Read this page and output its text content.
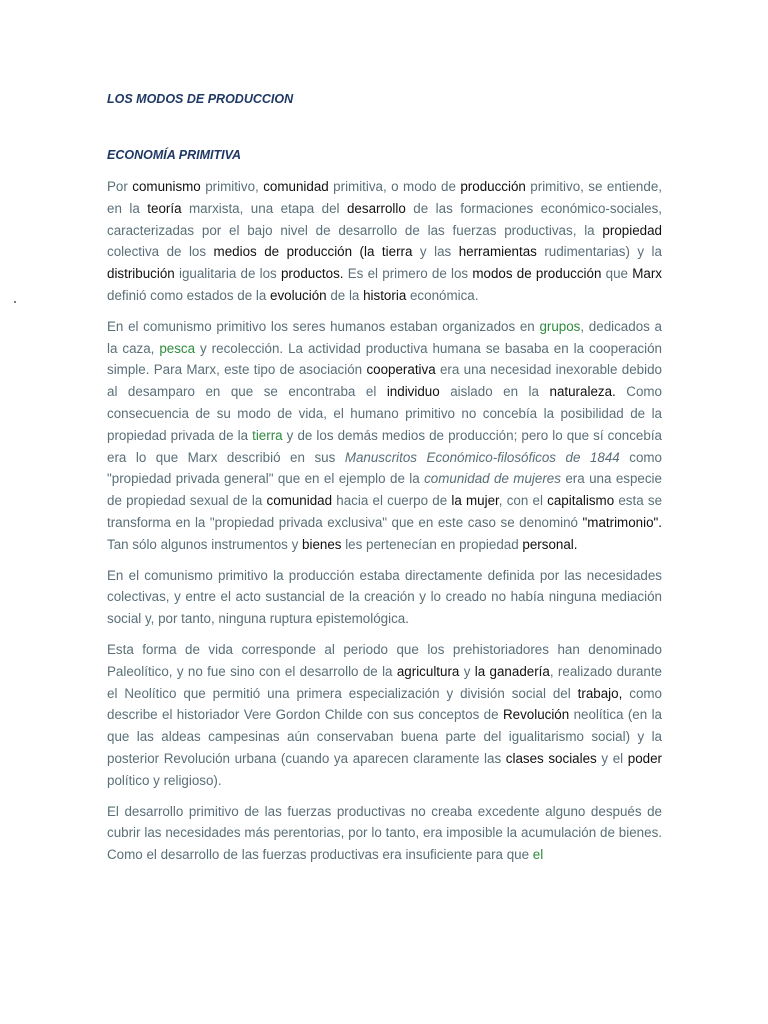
LOS MODOS DE PRODUCCION
ECONOMÍA PRIMITIVA

Por comunismo primitivo, comunidad primitiva, o modo de producción primitivo, se entiende, en la teoría marxista, una etapa del desarrollo de las formaciones económico-sociales, caracterizadas por el bajo nivel de desarrollo de las fuerzas productivas, la propiedad colectiva de los medios de producción (la tierra y las herramientas rudimentarias) y la distribución igualitaria de los productos. Es el primero de los modos de producción que Marx definió como estados de la evolución de la historia económica.

En el comunismo primitivo los seres humanos estaban organizados en grupos, dedicados a la caza, pesca y recolección. La actividad productiva humana se basaba en la cooperación simple. Para Marx, este tipo de asociación cooperativa era una necesidad inexorable debido al desamparo en que se encontraba el individuo aislado en la naturaleza. Como consecuencia de su modo de vida, el humano primitivo no concebía la posibilidad de la propiedad privada de la tierra y de los demás medios de producción; pero lo que sí concebía era lo que Marx describió en sus Manuscritos Económico-filosóficos de 1844 como "propiedad privada general" que en el ejemplo de la comunidad de mujeres era una especie de propiedad sexual de la comunidad hacia el cuerpo de la mujer, con el capitalismo esta se transforma en la "propiedad privada exclusiva" que en este caso se denominó "matrimonio". Tan sólo algunos instrumentos y bienes les pertenecían en propiedad personal.

En el comunismo primitivo la producción estaba directamente definida por las necesidades colectivas, y entre el acto sustancial de la creación y lo creado no había ninguna mediación social y, por tanto, ninguna ruptura epistemológica.

Esta forma de vida corresponde al periodo que los prehistoriadores han denominado Paleolítico, y no fue sino con el desarrollo de la agricultura y la ganadería, realizado durante el Neolítico que permitió una primera especialización y división social del trabajo, como describe el historiador Vere Gordon Childe con sus conceptos de Revolución neolítica (en la que las aldeas campesinas aún conservaban buena parte del igualitarismo social) y la posterior Revolución urbana (cuando ya aparecen claramente las clases sociales y el poder político y religioso).

El desarrollo primitivo de las fuerzas productivas no creaba excedente alguno después de cubrir las necesidades más perentorias, por lo tanto, era imposible la acumulación de bienes. Como el desarrollo de las fuerzas productivas era insuficiente para que el
